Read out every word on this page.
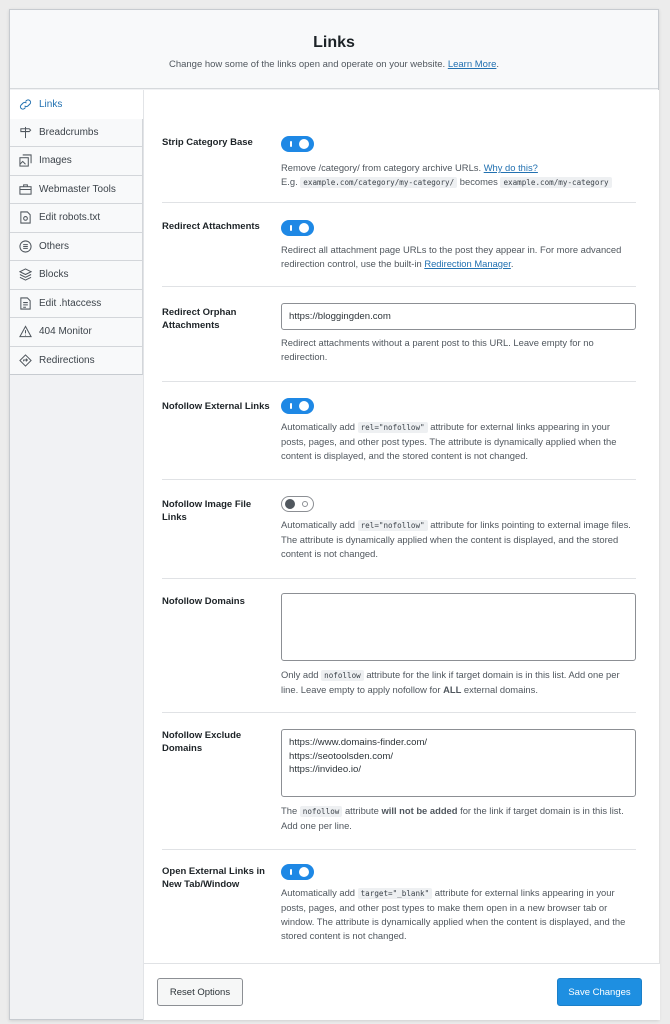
Links

Change how some of the links open and operate on your website. Learn More.

Links
Breadcrumbs
Images
Webmaster Tools
Edit robots.txt
Others
Blocks
Edit .htaccess
404 Monitor
Redirections
Strip Category Base
Remove /category/ from category archive URLs. Why do this?
E.g. example.com/category/my-category/ becomes example.com/my-category
Redirect Attachments
Redirect all attachment page URLs to the post they appear in. For more advanced redirection control, use the built-in Redirection Manager.
Redirect Orphan Attachments
https://bloggingden.com
Redirect attachments without a parent post to this URL. Leave empty for no redirection.
Nofollow External Links
Automatically add rel="nofollow" attribute for external links appearing in your posts, pages, and other post types. The attribute is dynamically applied when the content is displayed, and the stored content is not changed.
Nofollow Image File Links
Automatically add rel="nofollow" attribute for links pointing to external image files. The attribute is dynamically applied when the content is displayed, and the stored content is not changed.
Nofollow Domains
Only add nofollow attribute for the link if target domain is in this list. Add one per line. Leave empty to apply nofollow for ALL external domains.
Nofollow Exclude Domains
https://www.domains-finder.com/
https://seotoolsden.com/
https://invideo.io/
The nofollow attribute will not be added for the link if target domain is in this list. Add one per line.
Open External Links in New Tab/Window
Automatically add target="_blank" attribute for external links appearing in your posts, pages, and other post types to make them open in a new browser tab or window. The attribute is dynamically applied when the content is displayed, and the stored content is not changed.
Reset Options	Save Changes
